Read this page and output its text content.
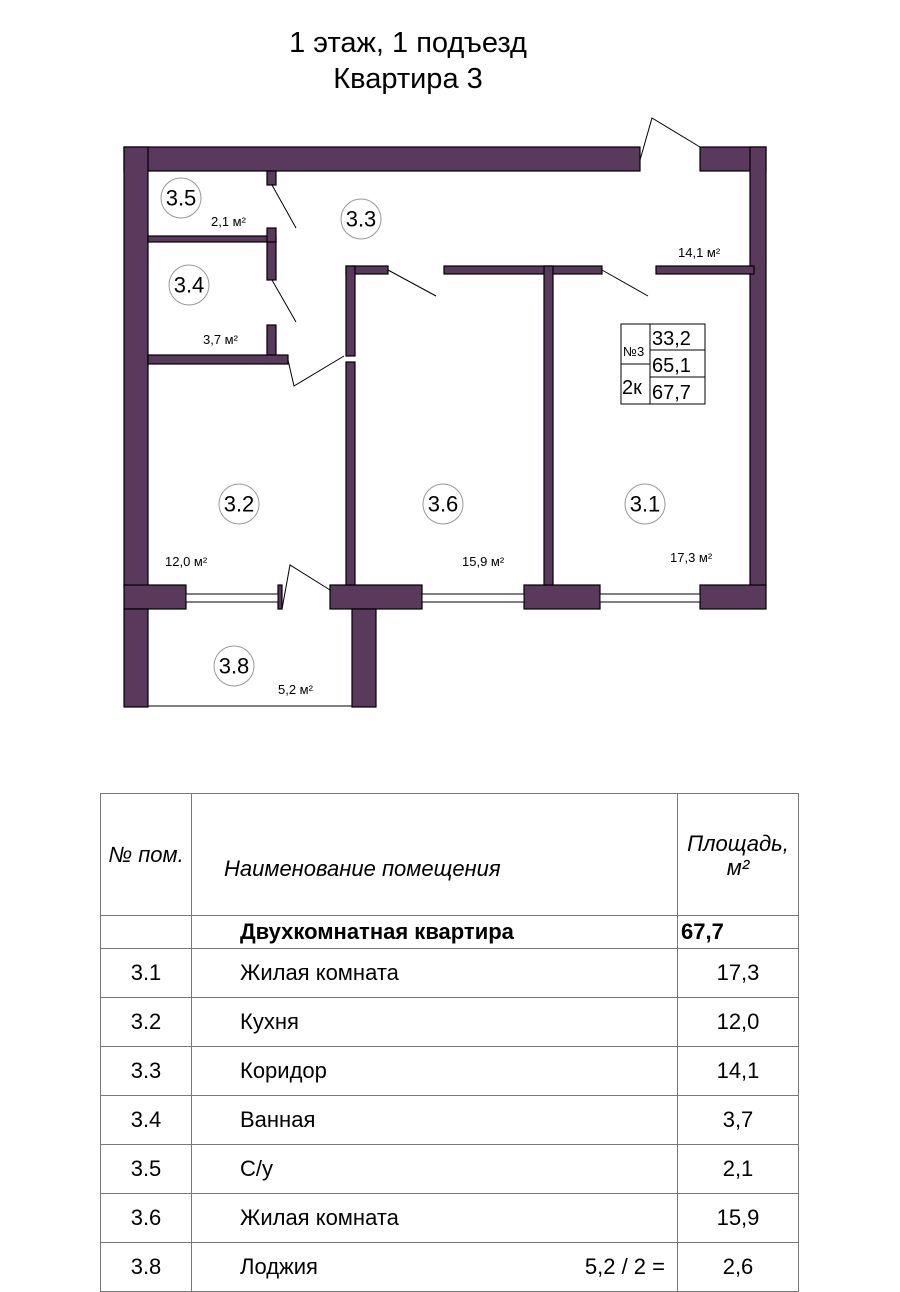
1 этаж, 1 подъезд
Квартира 3
3.5
2,1 м²	3.3
14,1 м²
3.4
3,7 м²
3.2
12,0 м²
3.6
15,9 м²
3.1
17,3 м²
3.8
5,2 м²
№3
2к
33,2
65,1
67,7
№ пом.	Наименование помещения	Площадь, м²
	Двухкомнатная квартира	67,7
3.1	Жилая комната	17,3
3.2	Кухня	12,0
3.3	Коридор	14,1
3.4	Ванная	3,7
3.5	С/у	2,1
3.6	Жилая комната	15,9
3.8	Лоджия 5,2 / 2 =	2,6
